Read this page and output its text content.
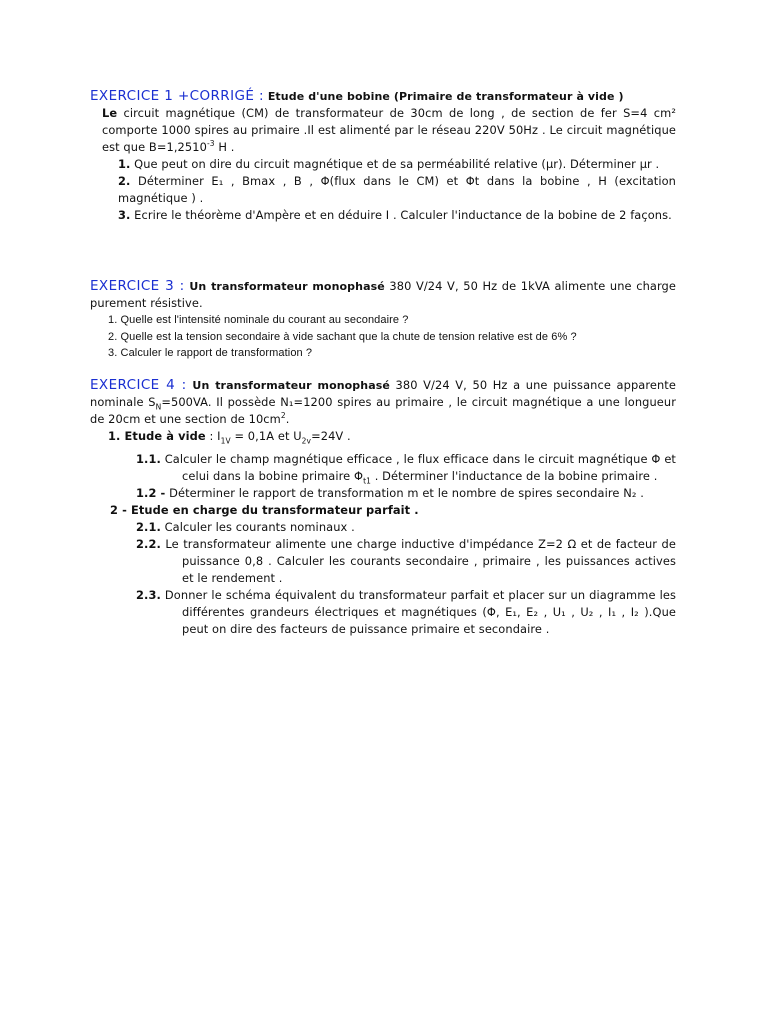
EXERCICE 1 +CORRIGÉ : Etude d'une bobine (Primaire de transformateur à vide )

Le circuit magnétique (CM) de transformateur de 30cm de long , de section de fer S=4 cm² comporte 1000 spires au primaire .Il est alimenté par le réseau 220V 50Hz . Le circuit magnétique est que $B=1,2510^{-3}$ H .

1. Que peut on dire du circuit magnétique et de sa perméabilité relative (µr). Déterminer µr .

2. Déterminer E₁ , Bmax , B , Φ(flux dans le CM) et Φt dans la bobine , H (excitation magnétique ) .

3. Ecrire le théorème d'Ampère et en déduire I . Calculer l'inductance de la bobine de 2 façons.

EXERCICE 3 : Un transformateur monophasé 380 V/24 V, 50 Hz de 1kVA alimente une charge purement résistive.

1. Quelle est l'intensité nominale du courant au secondaire ?

2. Quelle est la tension secondaire à vide sachant que la chute de tension relative est de 6% ?

3. Calculer le rapport de transformation ?

EXERCICE 4 : Un transformateur monophasé 380 V/24 V, 50 Hz a une puissance apparente nominale $S_N=500VA$. Il possède N₁=1200 spires au primaire , le circuit magnétique a une longueur de 20cm et une section de $10cm^2$.

1. Etude à vide : $I_{1V} = 0,1A$ et $U_{2v}=24V$ .

1.1. Calculer le champ magnétique efficace , le flux efficace dans le circuit magnétique Φ et celui dans la bobine primaire $\Phi_{t1}$ . Déterminer l'inductance de la bobine primaire .

1.2 - Déterminer le rapport de transformation m et le nombre de spires secondaire N₂ .

2 - Etude en charge du transformateur parfait .

2.1. Calculer les courants nominaux .

2.2. Le transformateur alimente une charge inductive d'impédance Z=2 Ω et de facteur de puissance 0,8 . Calculer les courants secondaire , primaire , les puissances actives et le rendement .

2.3. Donner le schéma équivalent du transformateur parfait et placer sur un diagramme les différentes grandeurs électriques et magnétiques (Φ, E₁, E₂ , U₁ , U₂ , I₁ , I₂ ).Que peut on dire des facteurs de puissance primaire et secondaire .
